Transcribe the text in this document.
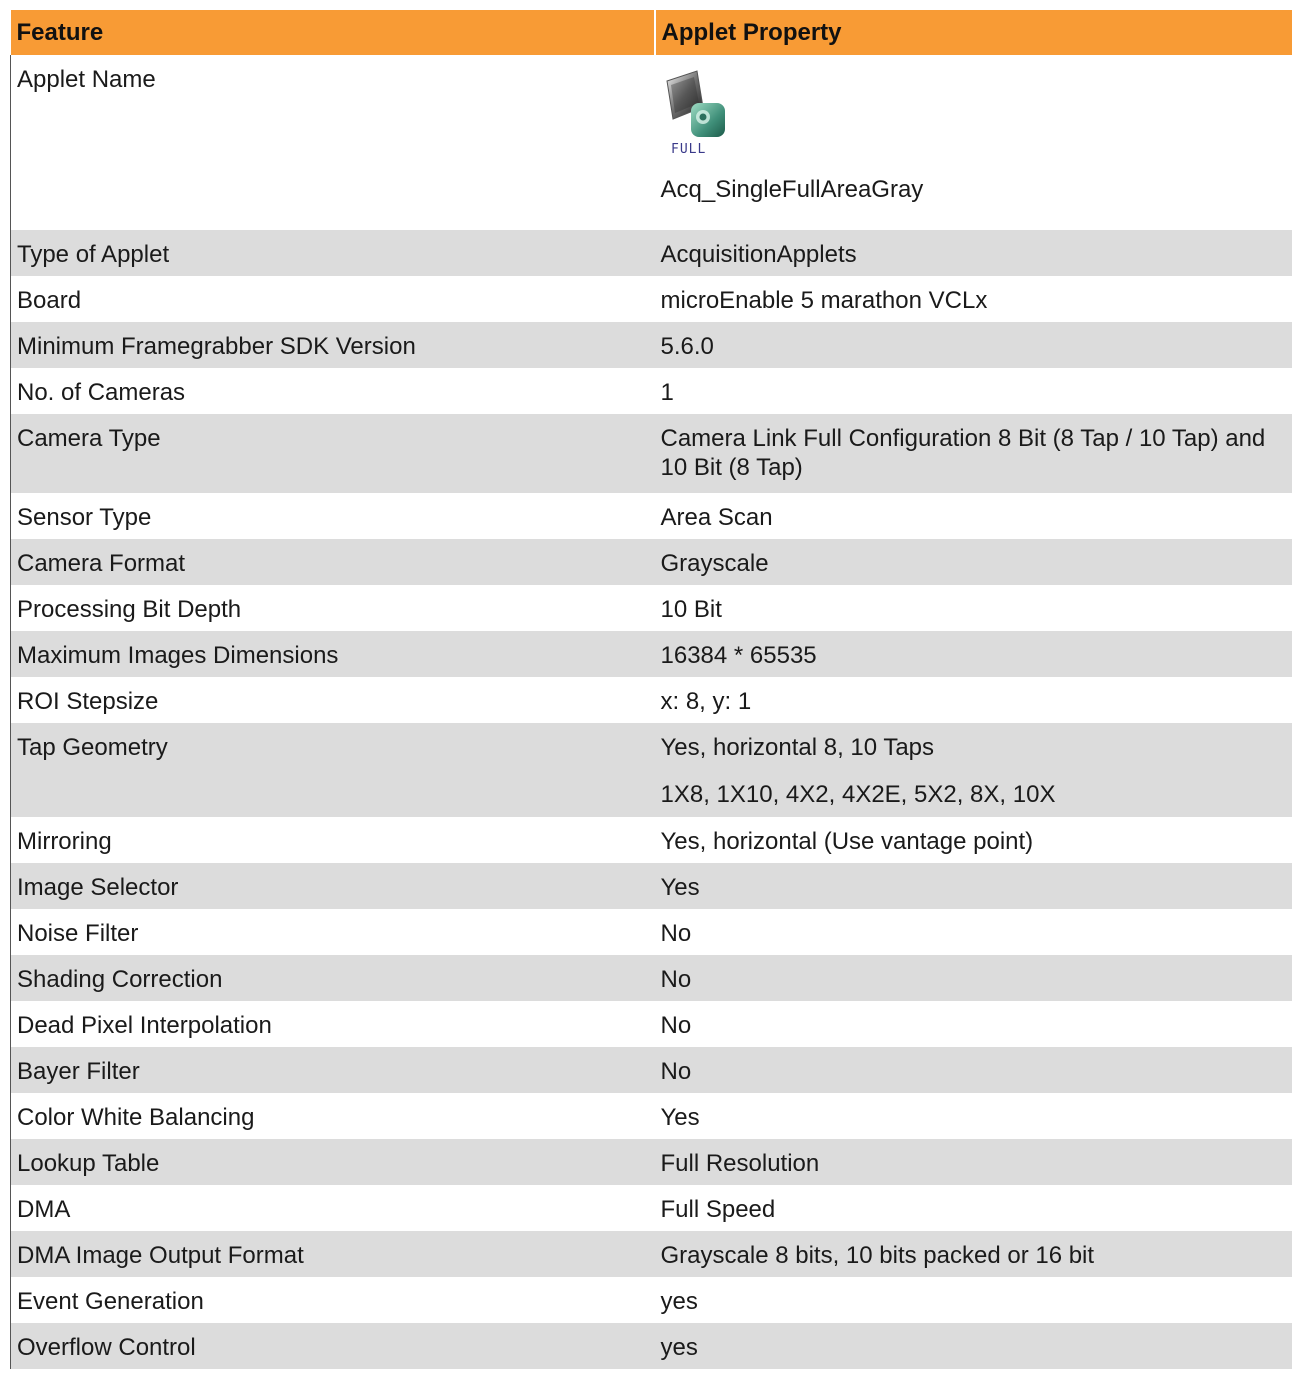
Feature	Applet Property
Applet Name	FULL
Acq_SingleFullAreaGray
Type of Applet	AcquisitionApplets
Board	microEnable 5 marathon VCLx
Minimum Framegrabber SDK Version	5.6.0
No. of Cameras	1
Camera Type	Camera Link Full Configuration 8 Bit (8 Tap / 10 Tap) and 10 Bit (8 Tap)
Sensor Type	Area Scan
Camera Format	Grayscale
Processing Bit Depth	10 Bit
Maximum Images Dimensions	16384 * 65535
ROI Stepsize	x: 8, y: 1
Tap Geometry	Yes, horizontal 8, 10 Taps
1X8, 1X10, 4X2, 4X2E, 5X2, 8X, 10X

Mirroring	Yes, horizontal (Use vantage point)
Image Selector	Yes
Noise Filter	No
Shading Correction	No
Dead Pixel Interpolation	No
Bayer Filter	No
Color White Balancing	Yes
Lookup Table	Full Resolution
DMA	Full Speed
DMA Image Output Format	Grayscale 8 bits, 10 bits packed or 16 bit
Event Generation	yes
Overflow Control	yes
